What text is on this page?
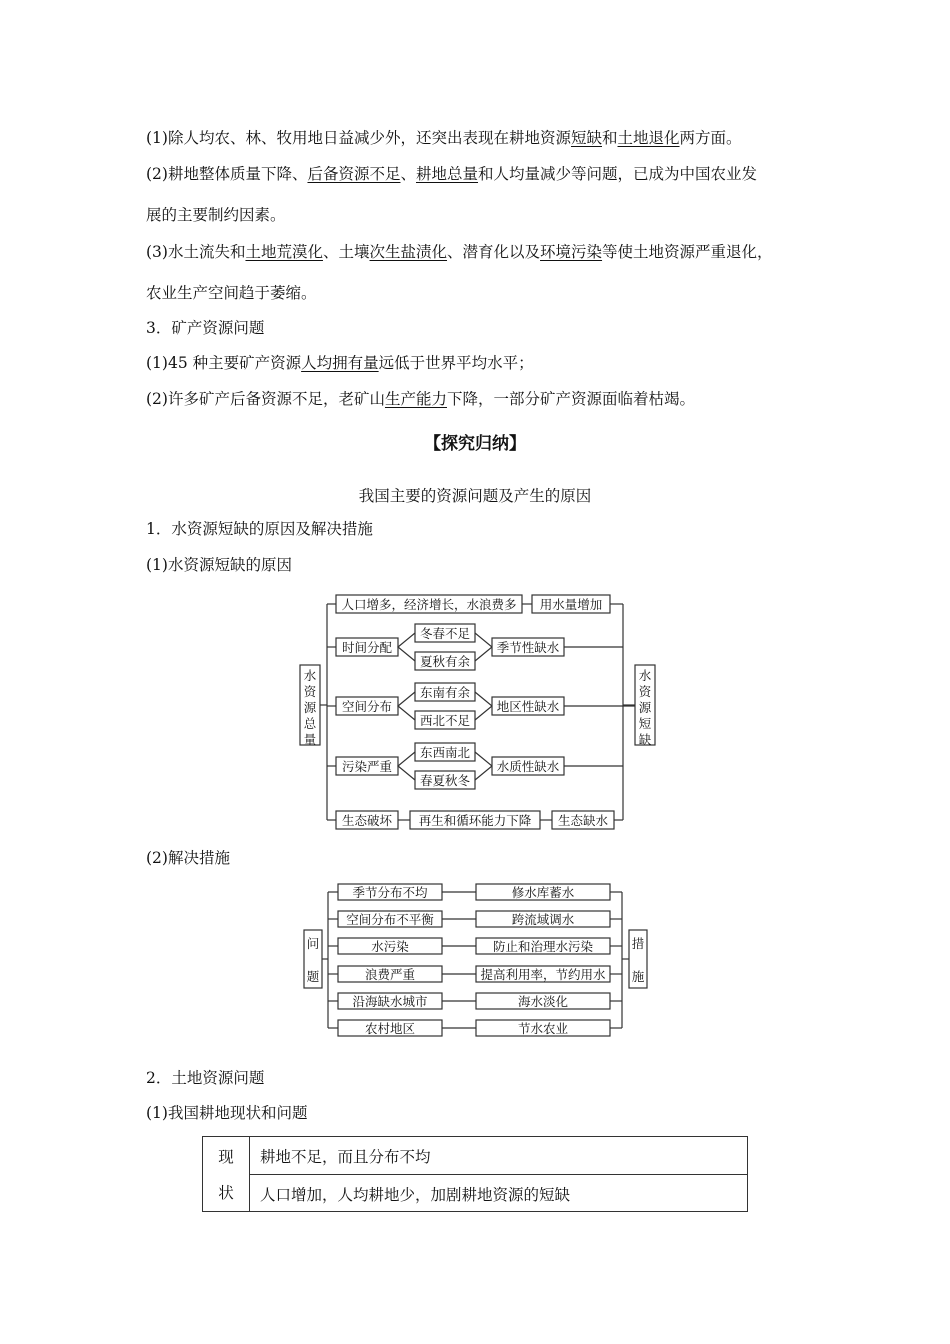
(1)除人均农、林、牧用地日益减少外，还突出表现在耕地资源短缺和土地退化两方面。
(2)耕地整体质量下降、后备资源不足、耕地总量和人均量减少等问题，已成为中国农业发
展的主要制约因素。
(3)水土流失和土地荒漠化、土壤次生盐渍化、潜育化以及环境污染等使土地资源严重退化，
农业生产空间趋于萎缩。
3．矿产资源问题
(1)45 种主要矿产资源人均拥有量远低于世界平均水平；
(2)许多矿产后备资源不足，老矿山生产能力下降，一部分矿产资源面临着枯竭。
【探究归纳】
我国主要的资源问题及产生的原因
1．水资源短缺的原因及解决措施
(1)水资源短缺的原因
水
资
源
总
量
水
资
源
短
缺
人口增多，经济增长，水浪费多 用水量增加
时间分配
冬春不足
夏秋有余
季节性缺水
空间分布
东南有余
西北不足
地区性缺水
污染严重
东西南北
春夏秋冬
水质性缺水
生态破坏 再生和循环能力下降 生态缺水
(2)解决措施
问
题
措
施
季节分布不均	修水库蓄水
空间分布不平衡	跨流域调水
水污染	防止和治理水污染
浪费严重	提高利用率，节约用水
沿海缺水城市	海水淡化
农村地区	节水农业
2．土地资源问题
(1)我国耕地现状和问题
现
状
耕地不足，而且分布不均
人口增加，人均耕地少，加剧耕地资源的短缺
